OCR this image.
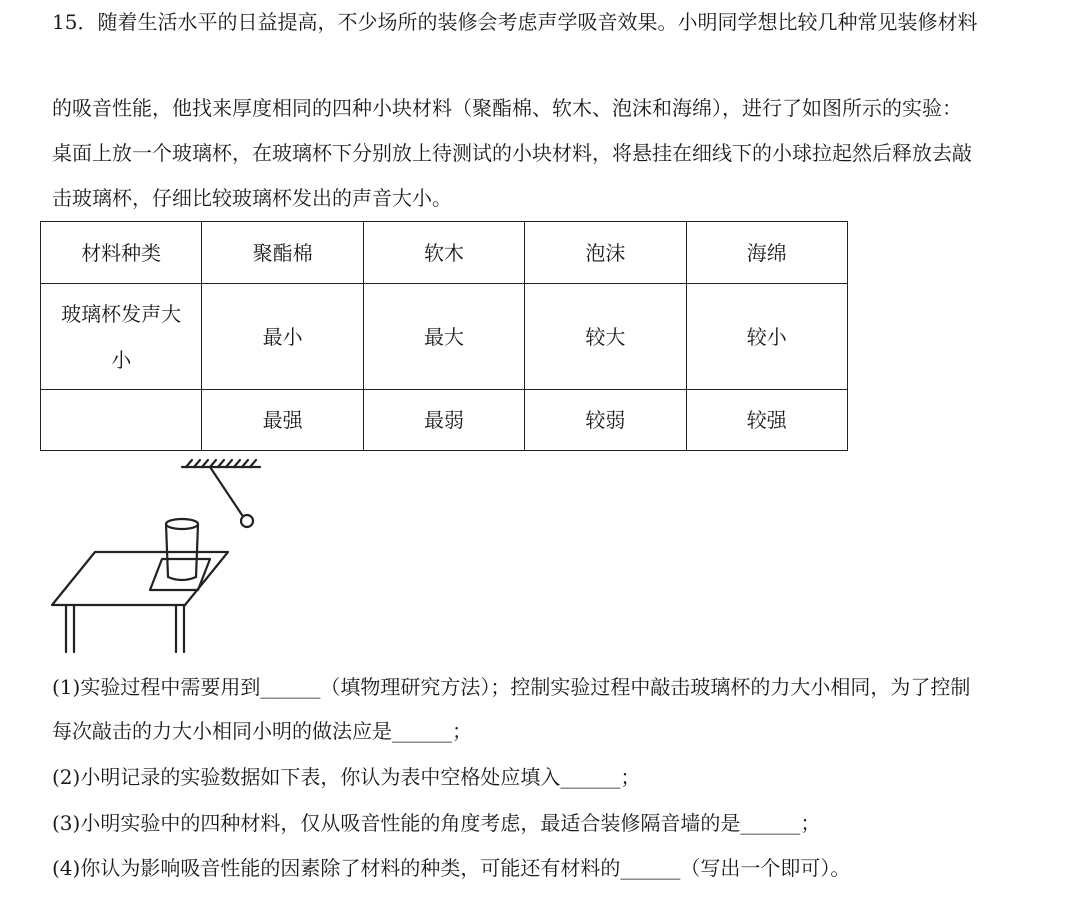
15．随着生活水平的日益提高，不少场所的装修会考虑声学吸音效果。小明同学想比较几种常见装修材料
的吸音性能，他找来厚度相同的四种小块材料（聚酯棉、软木、泡沫和海绵），进行了如图所示的实验：
桌面上放一个玻璃杯，在玻璃杯下分别放上待测试的小块材料，将悬挂在细线下的小球拉起然后释放去敲
击玻璃杯，仔细比较玻璃杯发出的声音大小。
材料种类	聚酯棉	软木	泡沫	海绵
玻璃杯发声大小	最小	最大	较大	较小
	最强	最弱	较弱	较强
(1)实验过程中需要用到______（填物理研究方法）；控制实验过程中敲击玻璃杯的力大小相同，为了控制
每次敲击的力大小相同小明的做法应是______；
(2)小明记录的实验数据如下表，你认为表中空格处应填入______；
(3)小明实验中的四种材料，仅从吸音性能的角度考虑，最适合装修隔音墙的是______；
(4)你认为影响吸音性能的因素除了材料的种类，可能还有材料的______（写出一个即可）。
